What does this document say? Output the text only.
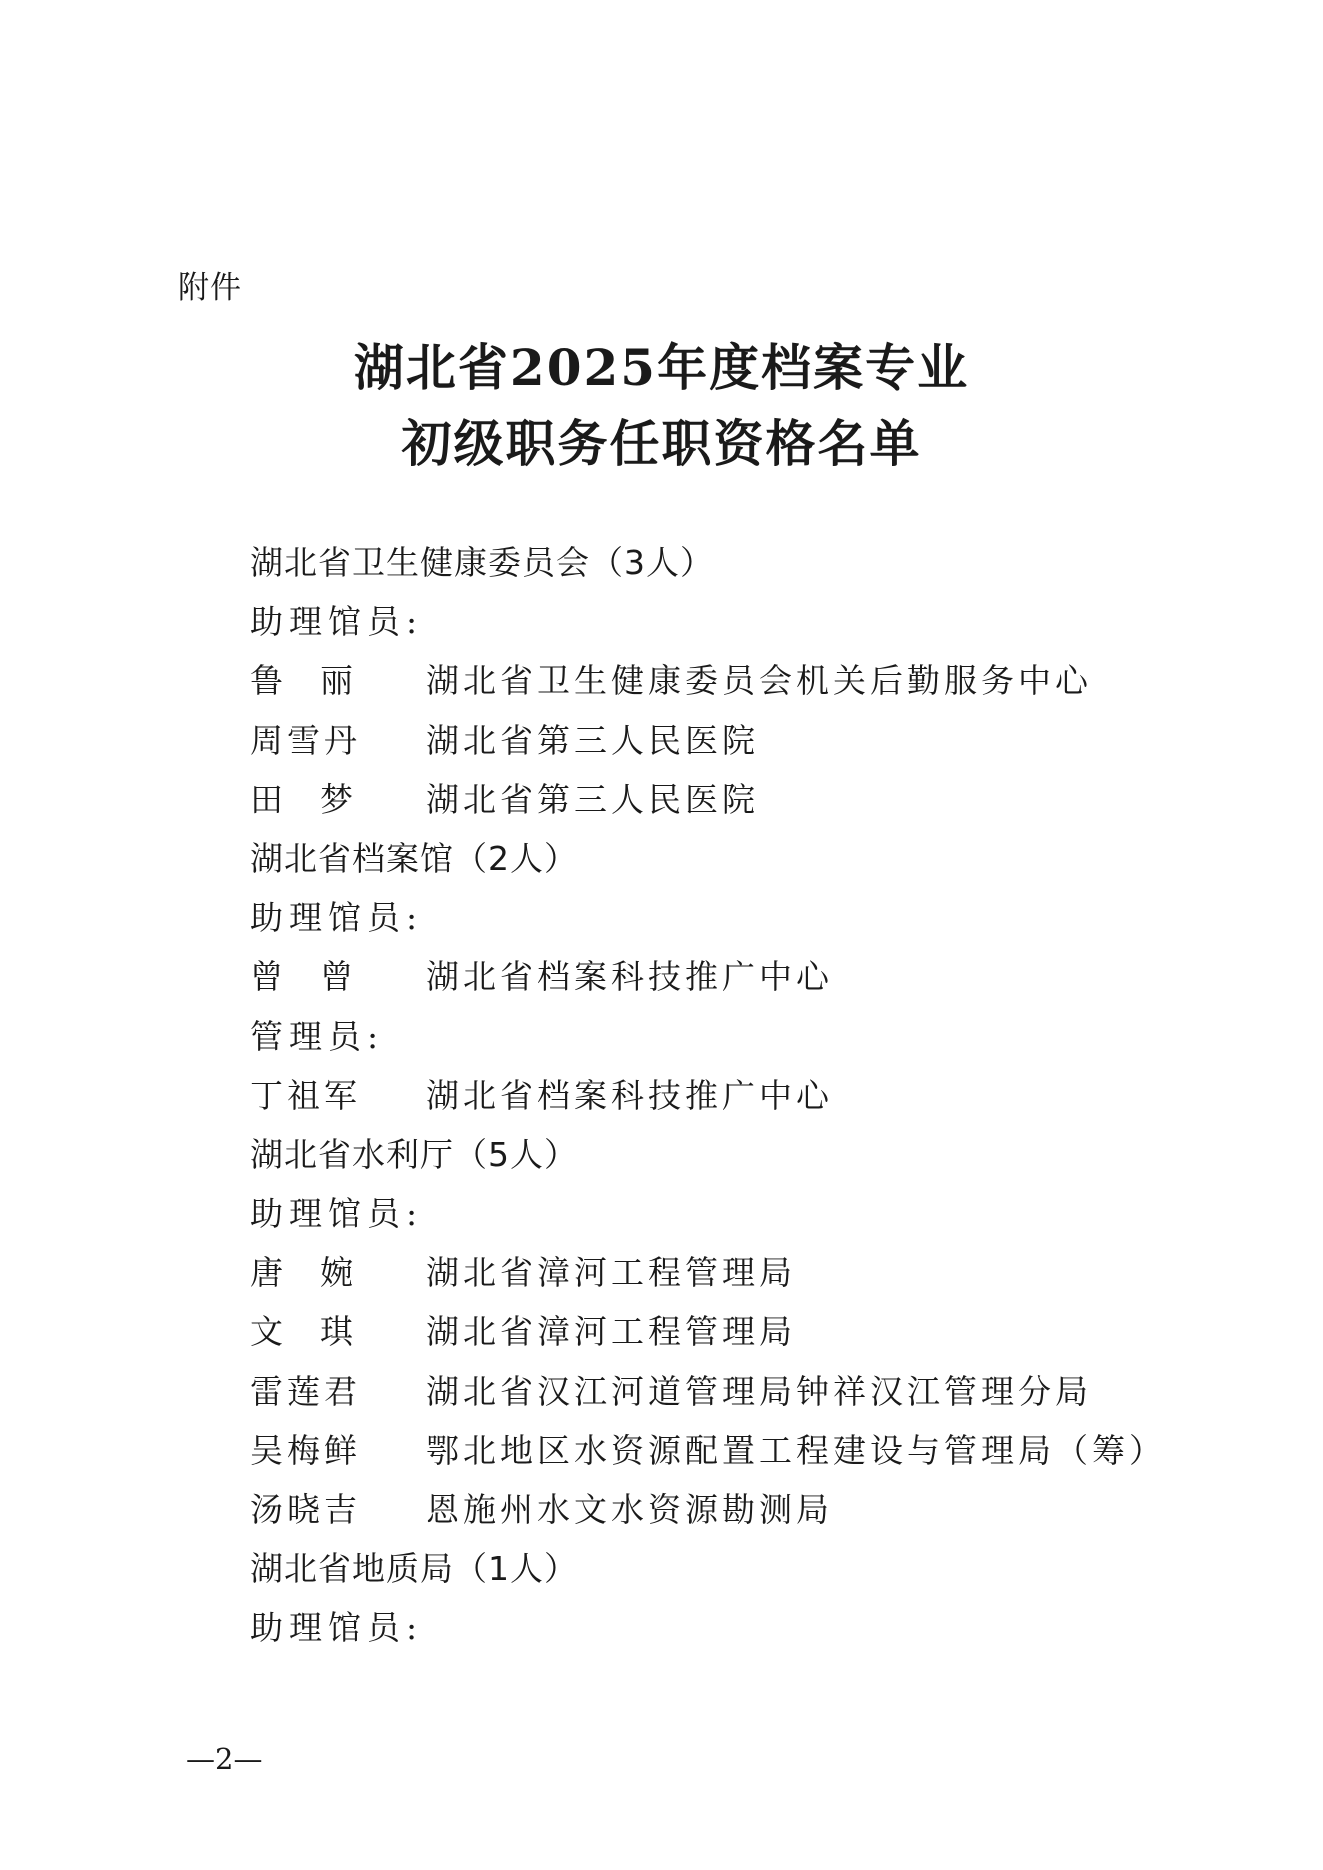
附件
湖北省2025年度档案专业
初级职务任职资格名单
湖北省卫生健康委员会（3人）
助理馆员:
鲁丽	湖北省卫生健康委员会机关后勤服务中心
周雪丹	湖北省第三人民医院
田梦	湖北省第三人民医院
湖北省档案馆（2人）
助理馆员:
曾曾	湖北省档案科技推广中心
管理员:
丁祖军	湖北省档案科技推广中心
湖北省水利厅（5人）
助理馆员:
唐婉	湖北省漳河工程管理局
文琪	湖北省漳河工程管理局
雷莲君	湖北省汉江河道管理局钟祥汉江管理分局
吴梅鲜	鄂北地区水资源配置工程建设与管理局（筹）
汤晓吉	恩施州水文水资源勘测局
湖北省地质局（1人）
助理馆员:
—2—
